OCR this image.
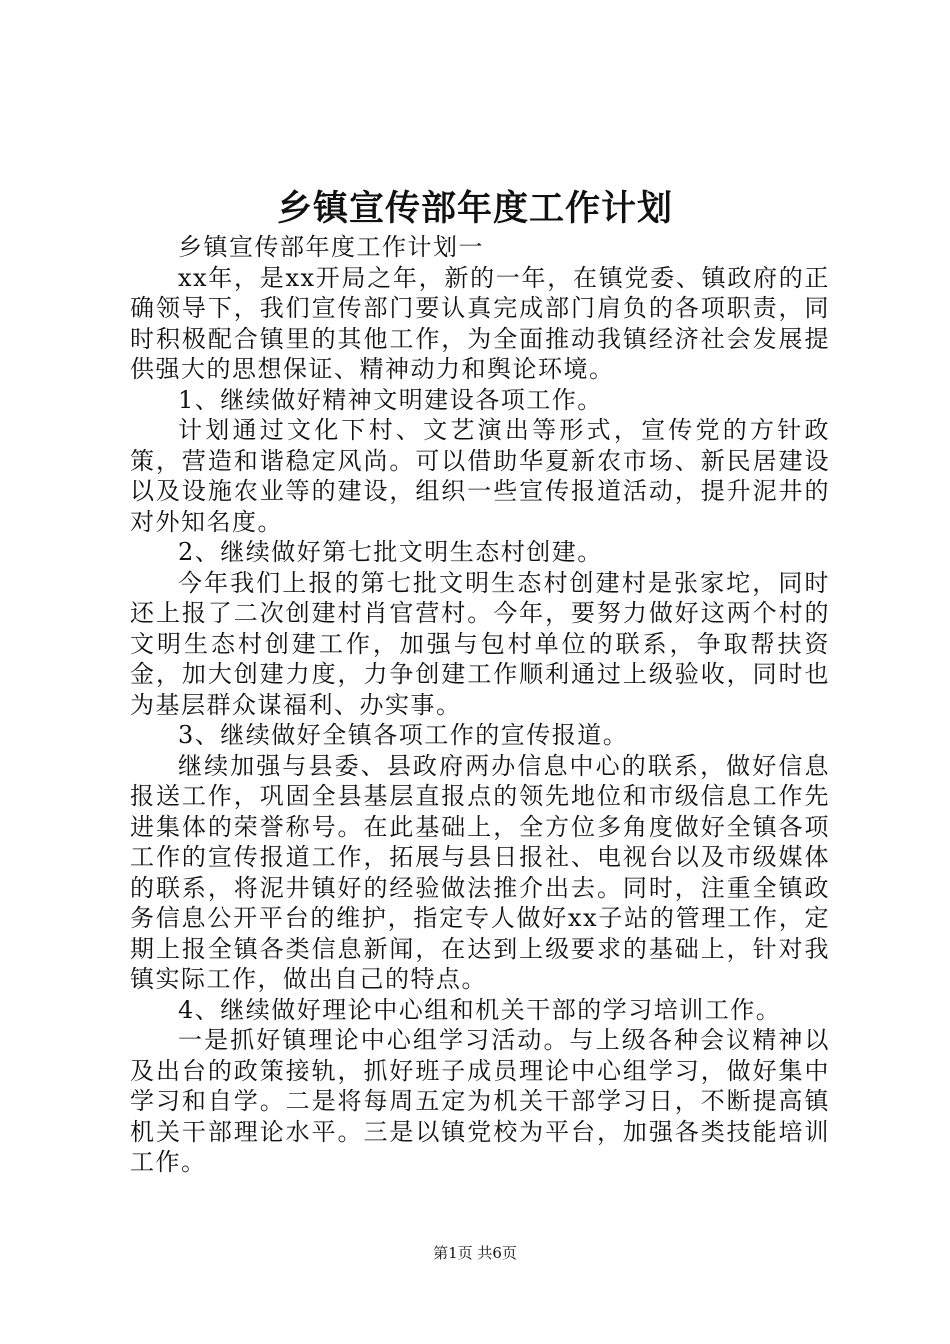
乡镇宣传部年度工作计划

乡镇宣传部年度工作计划一

xx年，是xx开局之年，新的一年，在镇党委、镇政府的正确领导下，我们宣传部门要认真完成部门肩负的各项职责，同时积极配合镇里的其他工作，为全面推动我镇经济社会发展提供强大的思想保证、精神动力和舆论环境。

1、继续做好精神文明建设各项工作。

计划通过文化下村、文艺演出等形式，宣传党的方针政策，营造和谐稳定风尚。可以借助华夏新农市场、新民居建设以及设施农业等的建设，组织一些宣传报道活动，提升泥井的对外知名度。

2、继续做好第七批文明生态村创建。

今年我们上报的第七批文明生态村创建村是张家坨，同时还上报了二次创建村肖官营村。今年，要努力做好这两个村的文明生态村创建工作，加强与包村单位的联系，争取帮扶资金，加大创建力度，力争创建工作顺利通过上级验收，同时也为基层群众谋福利、办实事。

3、继续做好全镇各项工作的宣传报道。

继续加强与县委、县政府两办信息中心的联系，做好信息报送工作，巩固全县基层直报点的领先地位和市级信息工作先进集体的荣誉称号。在此基础上，全方位多角度做好全镇各项工作的宣传报道工作，拓展与县日报社、电视台以及市级媒体的联系，将泥井镇好的经验做法推介出去。同时，注重全镇政务信息公开平台的维护，指定专人做好xx子站的管理工作，定期上报全镇各类信息新闻，在达到上级要求的基础上，针对我镇实际工作，做出自己的特点。

4、继续做好理论中心组和机关干部的学习培训工作。

一是抓好镇理论中心组学习活动。与上级各种会议精神以及出台的政策接轨，抓好班子成员理论中心组学习，做好集中学习和自学。二是将每周五定为机关干部学习日，不断提高镇机关干部理论水平。三是以镇党校为平台，加强各类技能培训工作。

第1页 共6页
